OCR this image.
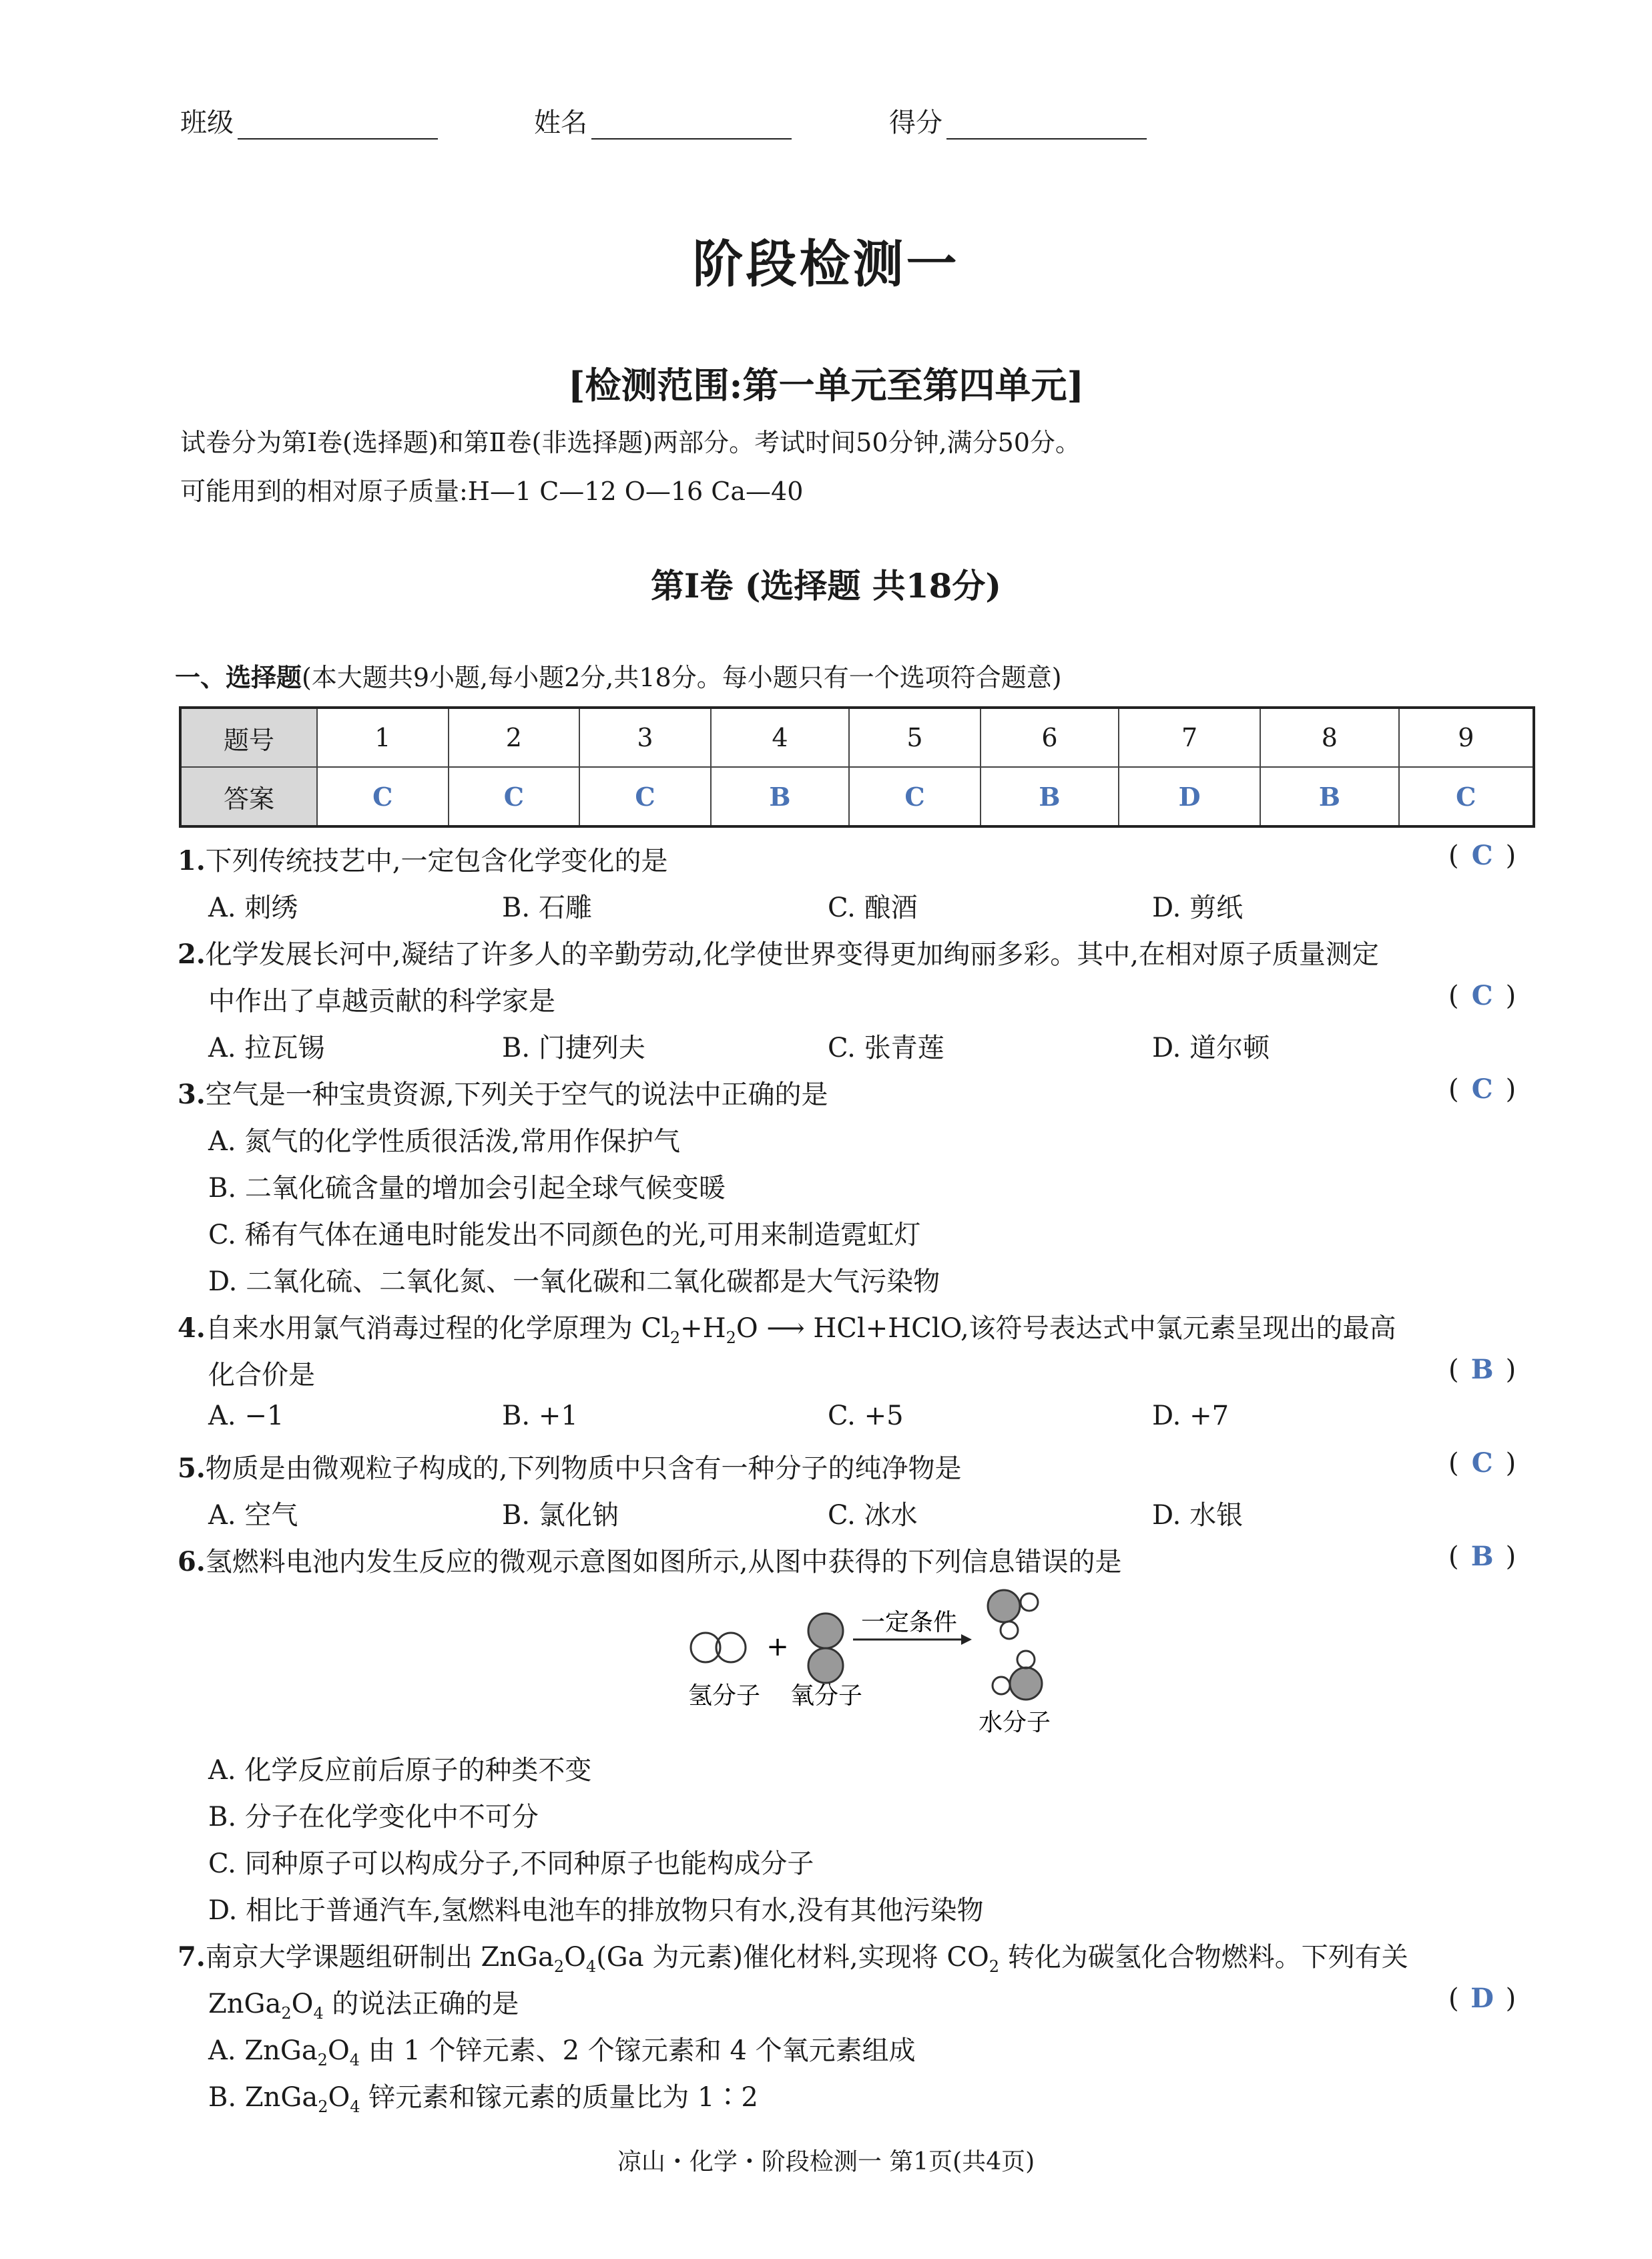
班级	姓名	得分
阶段检测一
[检测范围:第一单元至第四单元]
试卷分为第Ⅰ卷(选择题)和第Ⅱ卷(非选择题)两部分。考试时间50分钟,满分50分。
可能用到的相对原子质量:H—1 C—12 O—16 Ca—40
第Ⅰ卷 (选择题 共18分)
一、选择题(本大题共9小题,每小题2分,共18分。每小题只有一个选项符合题意)
题号	1	2	3	4	5	6	7	8	9
答案	C	C	C	B	C	B	D	B	C
1.下列传统技艺中,一定包含化学变化的是	( C )
A. 刺绣	B. 石雕	C. 酿酒	D. 剪纸
2.化学发展长河中,凝结了许多人的辛勤劳动,化学使世界变得更加绚丽多彩。其中,在相对原子质量测定
中作出了卓越贡献的科学家是	( C )
A. 拉瓦锡	B. 门捷列夫	C. 张青莲	D. 道尔顿
3.空气是一种宝贵资源,下列关于空气的说法中正确的是	( C )
A. 氮气的化学性质很活泼,常用作保护气
B. 二氧化硫含量的增加会引起全球气候变暖
C. 稀有气体在通电时能发出不同颜色的光,可用来制造霓虹灯
D. 二氧化硫、二氧化氮、一氧化碳和二氧化碳都是大气污染物
4.自来水用氯气消毒过程的化学原理为 $Cl_2+H_2O$ ⟶ HCl+HClO,该符号表达式中氯元素呈现出的最高
化合价是	( B )
A. −1	B. +1	C. +5	D. +7
5.物质是由微观粒子构成的,下列物质中只含有一种分子的纯净物是	( C )
A. 空气	B. 氯化钠	C. 冰水	D. 水银
6.氢燃料电池内发生反应的微观示意图如图所示,从图中获得的下列信息错误的是	( B )
+
一定条件
氢分子 氧分子
水分子
A. 化学反应前后原子的种类不变
B. 分子在化学变化中不可分
C. 同种原子可以构成分子,不同种原子也能构成分子
D. 相比于普通汽车,氢燃料电池车的排放物只有水,没有其他污染物
7.南京大学课题组研制出 $ZnGa_2O_4(Ga$ 为元素)催化材料,实现将 $CO_2$ 转化为碳氢化合物燃料。下列有关
$ZnGa_2O_4$ 的说法正确的是	( D )
A. $ZnGa_2O_4$ 由 1 个锌元素、2 个镓元素和 4 个氧元素组成
B. $ZnGa_2O_4$ 锌元素和镓元素的质量比为 1∶2
凉山・化学・阶段检测一 第1页(共4页)
